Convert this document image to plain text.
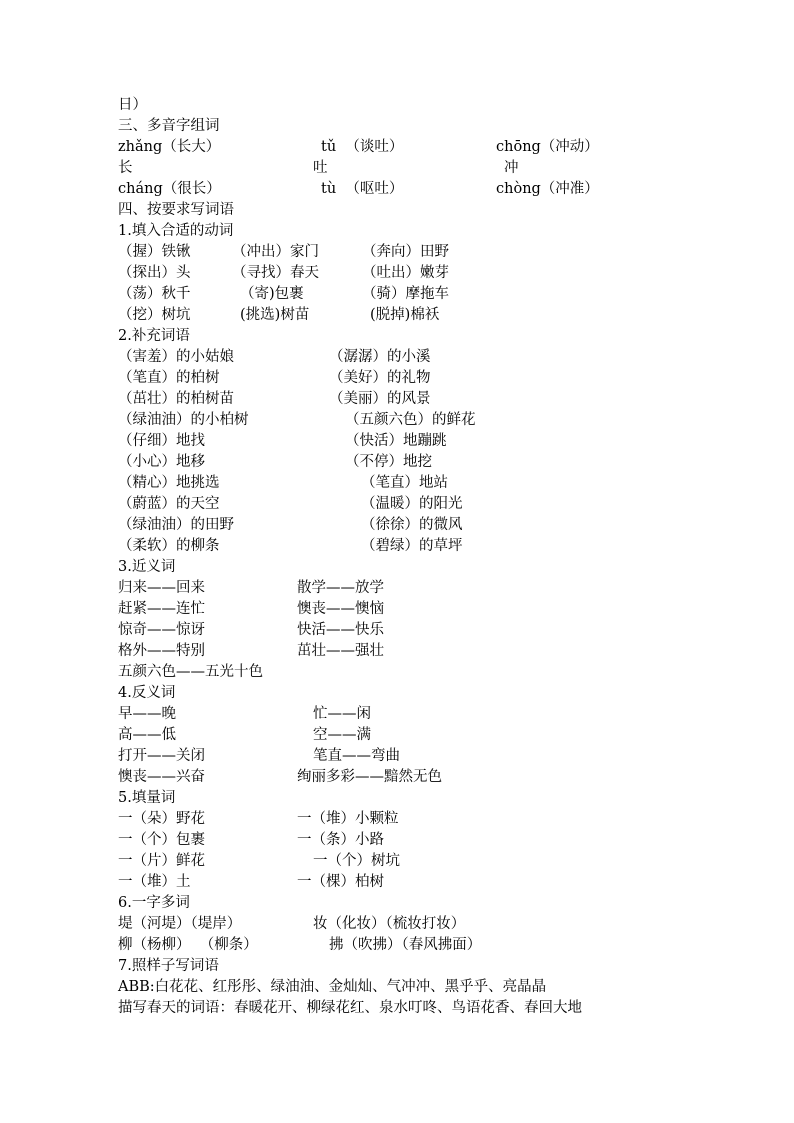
日）
三、多音字组词
zhǎng（长大）	tǔ  （谈吐）	chōng（冲动）
长	吐	冲
cháng（很长）	tù  （呕吐）	chòng（冲准）
四、按要求写词语
1.填入合适的动词
（握）铁锹	（冲出）家门	（奔向）田野
（探出）头	（寻找）春天	（吐出）嫩芽
（荡）秋千	（寄)包裹	（骑）摩拖车
（挖）树坑	(挑选)树苗	(脱掉)棉袄
2.补充词语
（害羞）的小姑娘	（潺潺）的小溪
（笔直）的柏树	（美好）的礼物
（茁壮）的柏树苗	（美丽）的风景
（绿油油）的小柏树	（五颜六色）的鲜花
（仔细）地找	（快活）地蹦跳
（小心）地移	（不停）地挖
（精心）地挑选	（笔直）地站
（蔚蓝）的天空	（温暖）的阳光
（绿油油）的田野	（徐徐）的微风
（柔软）的柳条	（碧绿）的草坪
3.近义词
归来——回来	散学——放学
赶紧——连忙	懊丧——懊恼
惊奇——惊讶	快活——快乐
格外——特别	茁壮——强壮
五颜六色——五光十色
4.反义词
早——晚	忙——闲
高——低	空——满
打开——关闭	笔直——弯曲
懊丧——兴奋	绚丽多彩——黯然无色
5.填量词
一（朵）野花	一（堆）小颗粒
一（个）包裹	一（条）小路
一（片）鲜花	一（个）树坑
一（堆）土	一（棵）柏树
6.一字多词
堤（河堤）（堤岸）	妆（化妆）（梳妆打妆）
柳（杨柳）  （柳条）	拂（吹拂）（春风拂面）
7.照样子写词语
ABB:白花花、红彤彤、绿油油、金灿灿、气冲冲、黑乎乎、亮晶晶
描写春天的词语：春暖花开、柳绿花红、泉水叮咚、鸟语花香、春回大地
